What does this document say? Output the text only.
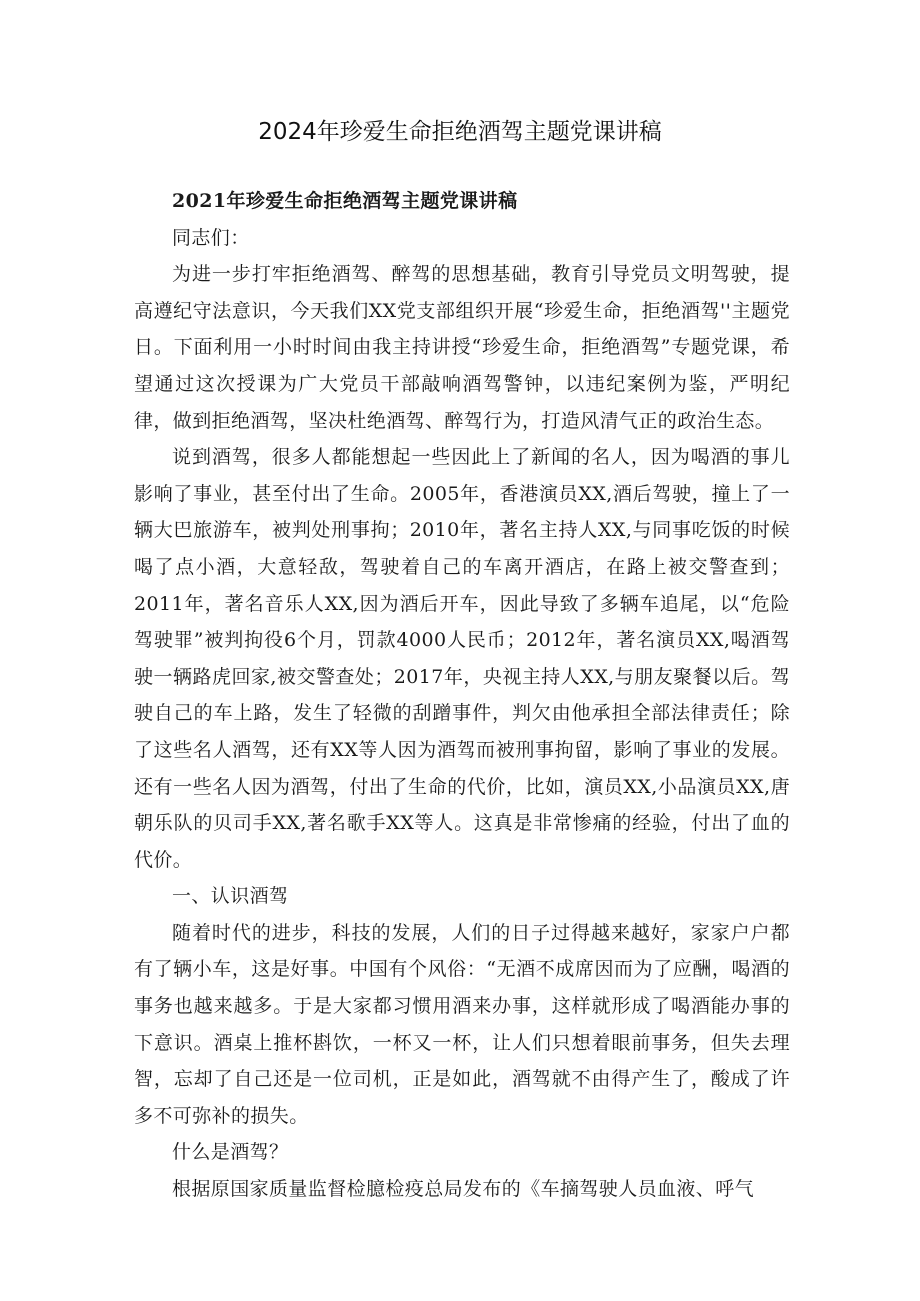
2024年珍爱生命拒绝酒驾主题党课讲稿

2021年珍爱生命拒绝酒驾主题党课讲稿

同志们：

为进一步打牢拒绝酒驾、醉驾的思想基础，教育引导党员文明驾驶，提高遵纪守法意识，今天我们XX党支部组织开展“珍爱生命，拒绝酒驾''主题党日。下面利用一小时时间由我主持讲授“珍爱生命，拒绝酒驾”专题党课，希望通过这次授课为广大党员干部敲响酒驾警钟，以违纪案例为鉴，严明纪律，做到拒绝酒驾，坚决杜绝酒驾、醉驾行为，打造风清气正的政治生态。

说到酒驾，很多人都能想起一些因此上了新闻的名人，因为喝酒的事儿影响了事业，甚至付出了生命。2005年，香港演员XX,酒后驾驶，撞上了一辆大巴旅游车，被判处刑事拘；2010年，著名主持人XX,与同事吃饭的时候喝了点小酒，大意轻敌，驾驶着自己的车离开酒店，在路上被交警查到；2011年，著名音乐人XX,因为酒后开车，因此导致了多辆车追尾，以“危险驾驶罪”被判拘役6个月，罚款4000人民币；2012年，著名演员XX,喝酒驾驶一辆路虎回家,被交警查处；2017年，央视主持人XX,与朋友聚餐以后。驾驶自己的车上路，发生了轻微的刮蹭事件，判欠由他承担全部法律责任；除了这些名人酒驾，还有XX等人因为酒驾而被刑事拘留，影响了事业的发展。还有一些名人因为酒驾，付出了生命的代价，比如，演员XX,小品演员XX,唐朝乐队的贝司手XX,著名歌手XX等人。这真是非常惨痛的经验，付出了血的代价。

一、认识酒驾

随着时代的进步，科技的发展，人们的日子过得越来越好，家家户户都有了辆小车，这是好事。中国有个风俗：“无酒不成席因而为了应酬，喝酒的事务也越来越多。于是大家都习惯用酒来办事，这样就形成了喝酒能办事的下意识。酒桌上推杯斟饮，一杯又一杯，让人们只想着眼前事务，但失去理智，忘却了自己还是一位司机，正是如此，酒驾就不由得产生了，酸成了许多不可弥补的损失。

什么是酒驾？

根据原国家质量监督检臆检疫总局发布的《车摘驾驶人员血液、呼气
